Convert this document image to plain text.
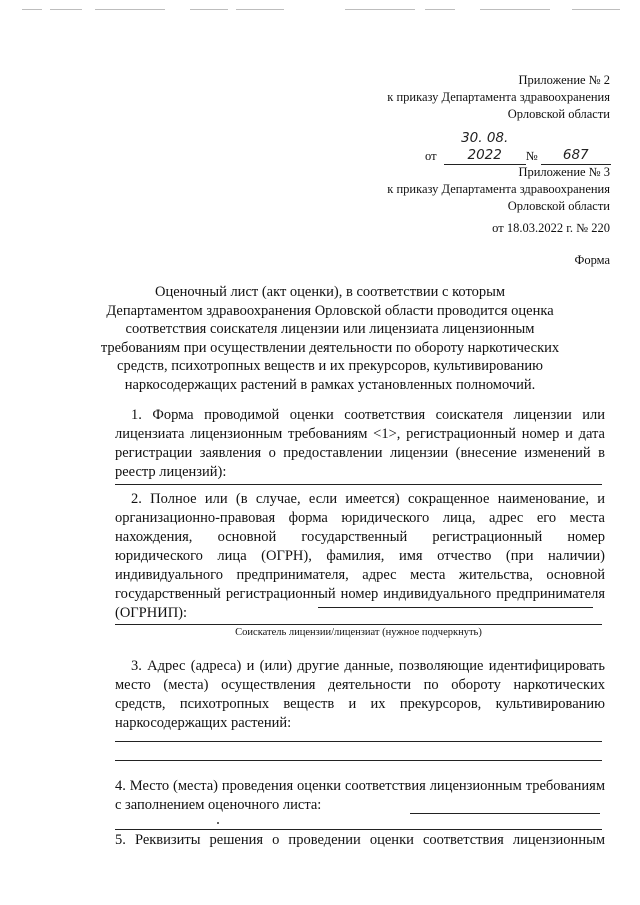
Приложение № 2
к приказу Департамента здравоохранения
Орловской области
от 30. 08. 2022 № 687
Приложение № 3
к приказу Департамента здравоохранения
Орловской области
от 18.03.2022 г. № 220
Форма
Оценочный лист (акт оценки), в соответствии с которым
Департаментом здравоохранения Орловской области проводится оценка
соответствия соискателя лицензии или лицензиата лицензионным
требованиям при осуществлении деятельности по обороту наркотических
средств, психотропных веществ и их прекурсоров, культивированию
наркосодержащих растений в рамках установленных полномочий.

1. Форма проводимой оценки соответствия соискателя лицензии или лицензиата лицензионным требованиям <1>, регистрационный номер и дата регистрации заявления о предоставлении лицензии (внесение изменений в реестр лицензий):

2. Полное или (в случае, если имеется) сокращенное наименование, и организационно-правовая форма юридического лица, адрес его места нахождения, основной государственный регистрационный номер юридического лица (ОГРН), фамилия, имя отчество (при наличии) индивидуального предпринимателя, адрес места жительства, основной государственный регистрационный номер индивидуального предпринимателя (ОГРНИП):

Соискатель лицензии/лицензиат (нужное подчеркнуть)

3. Адрес (адреса) и (или) другие данные, позволяющие идентифицировать место (места) осуществления деятельности по обороту наркотических средств, психотропных веществ и их прекурсоров, культивированию наркосодержащих растений:

4. Место (места) проведения оценки соответствия лицензионным требованиям с заполнением оценочного листа:

5. Реквизиты решения о проведении оценки соответствия лицензионным
